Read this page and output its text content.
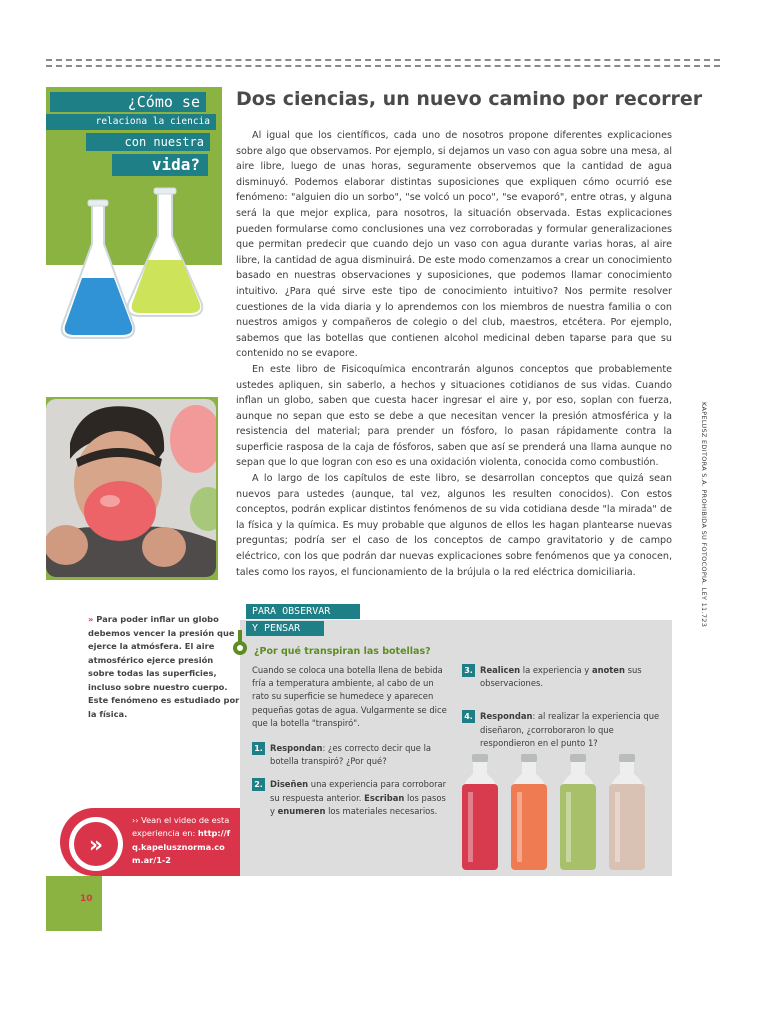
¿Cómo se
relaciona la ciencia
con nuestra
vida?
Dos ciencias, un nuevo camino por recorrer

Al igual que los científicos, cada uno de nosotros propone diferentes explicaciones sobre algo que observamos. Por ejemplo, si dejamos un vaso con agua sobre una mesa, al aire libre, luego de unas horas, seguramente observemos que la cantidad de agua disminuyó. Podemos elaborar distintas suposiciones que expliquen cómo ocurrió ese fenómeno: "alguien dio un sorbo", "se volcó un poco", "se evaporó", entre otras, y alguna será la que mejor explica, para nosotros, la situación observada. Estas explicaciones pueden formularse como conclusiones una vez corroboradas y formular generalizaciones que permitan predecir que cuando dejo un vaso con agua durante varias horas, al aire libre, la cantidad de agua disminuirá. De este modo comenzamos a crear un conocimiento basado en nuestras observaciones y suposiciones, que podemos llamar conocimiento intuitivo. ¿Para qué sirve este tipo de conocimiento intuitivo? Nos permite resolver cuestiones de la vida diaria y lo aprendemos con los miembros de nuestra familia o con nuestros amigos y compañeros de colegio o del club, maestros, etcétera. Por ejemplo, sabemos que las botellas que contienen alcohol medicinal deben taparse para que su contenido no se evapore.

En este libro de Fisicoquímica encontrarán algunos conceptos que probablemente ustedes apliquen, sin saberlo, a hechos y situaciones cotidianos de sus vidas. Cuando inflan un globo, saben que cuesta hacer ingresar el aire y, por eso, soplan con fuerza, aunque no sepan que esto se debe a que necesitan vencer la presión atmosférica y la resistencia del material; para prender un fósforo, lo pasan rápidamente contra la superficie rasposa de la caja de fósforos, saben que así se prenderá una llama aunque no sepan que lo que logran con eso es una oxidación violenta, conocida como combustión.

A lo largo de los capítulos de este libro, se desarrollan conceptos que quizá sean nuevos para ustedes (aunque, tal vez, algunos les resulten conocidos). Con estos conceptos, podrán explicar distintos fenómenos de su vida cotidiana desde "la mirada" de la física y la química. Es muy probable que algunos de ellos les hagan plantearse nuevas preguntas; podría ser el caso de los conceptos de campo gravitatorio y de campo eléctrico, con los que podrán dar nuevas explicaciones sobre fenómenos que ya conocen, tales como los rayos, el funcionamiento de la brújula o la red eléctrica domiciliaria.

» Para poder inflar un globo debemos vencer la presión que ejerce la atmósfera. El aire atmosférico ejerce presión sobre todas las superficies, incluso sobre nuestro cuerpo. Este fenómeno es estudiado por la física.
PARA OBSERVAR
Y PENSAR
¿Por qué transpiran las botellas?

Cuando se coloca una botella llena de bebida fría a temperatura ambiente, al cabo de un rato su superficie se humedece y aparecen pequeñas gotas de agua. Vulgarmente se dice que la botella "transpiró".

1. Respondan: ¿es correcto decir que la botella transpiró? ¿Por qué?

2. Diseñen una experiencia para corroborar su respuesta anterior. Escriban los pasos y enumeren los materiales necesarios.

3. Realicen la experiencia y anoten sus observaciones.

4. Respondan: al realizar la experiencia que diseñaron, ¿corroboraron lo que respondieron en el punto 1?

»
›› Vean el video de esta experiencia en: http://fq.kapelusznorma.com.ar/1-2
10
KAPELUSZ EDITORA S.A. PROHIBIDA SU FOTOCOPIA. LEY 11.723
